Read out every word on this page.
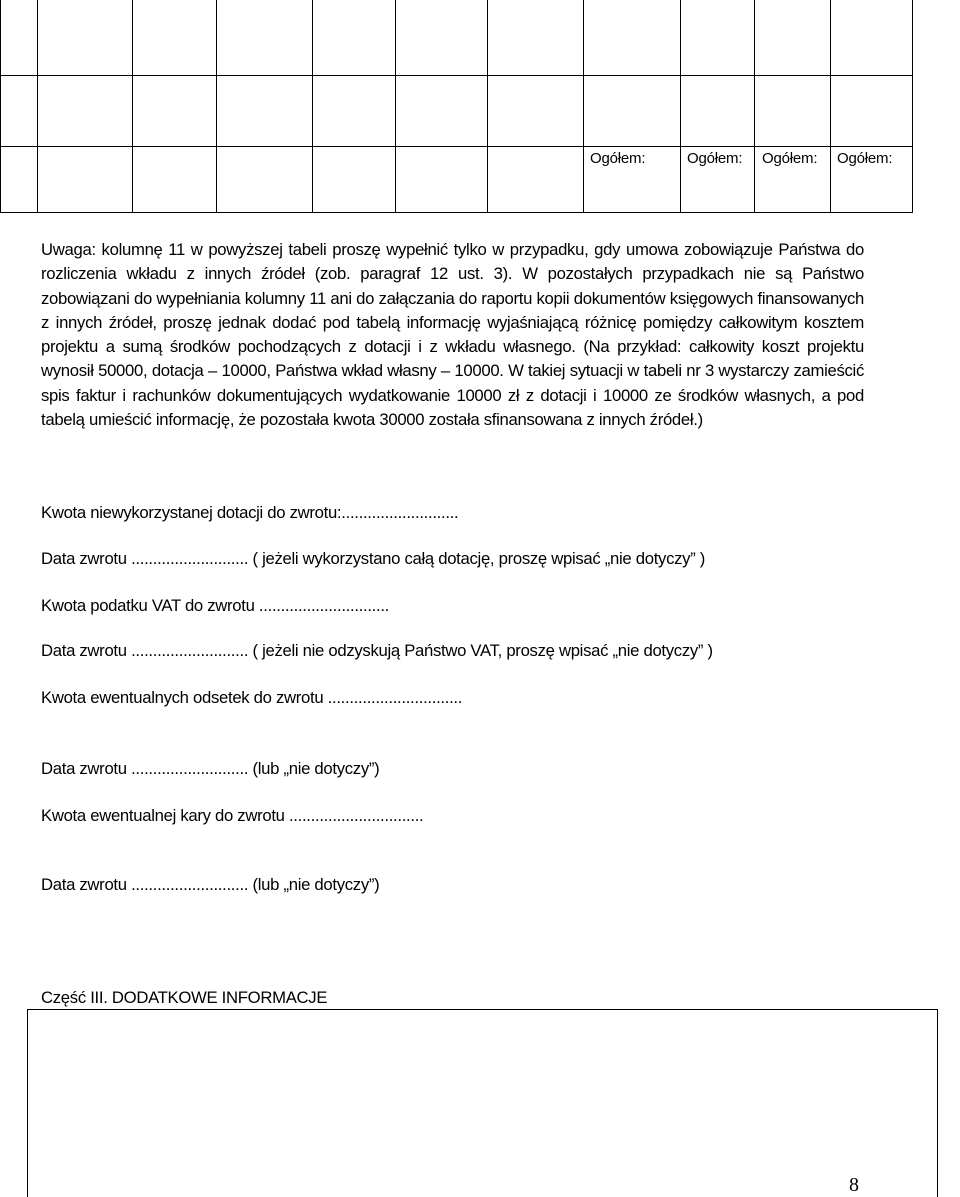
Ogółem:	Ogółem: Ogółem: Ogółem:

Uwaga: kolumnę 11 w powyższej tabeli proszę wypełnić tylko w przypadku, gdy umowa zobowiązuje Państwa do rozliczenia wkładu z innych źródeł (zob. paragraf 12 ust. 3). W pozostałych przypadkach nie są Państwo zobowiązani do wypełniania kolumny 11 ani do załączania do raportu kopii dokumentów księgowych finansowanych z innych źródeł, proszę jednak dodać pod tabelą informację wyjaśniającą różnicę pomiędzy całkowitym kosztem projektu a sumą środków pochodzących z dotacji i z wkładu własnego. (Na przykład: całkowity koszt projektu wynosił 50000, dotacja – 10000, Państwa wkład własny – 10000. W takiej sytuacji w tabeli nr 3 wystarczy zamieścić spis faktur i rachunków dokumentujących wydatkowanie 10000 zł z dotacji i 10000 ze środków własnych, a pod tabelą umieścić informację, że pozostała kwota 30000 została sfinansowana z innych źródeł.)

Kwota niewykorzystanej dotacji do zwrotu:...........................
Data zwrotu ........................... ( jeżeli wykorzystano całą dotację, proszę wpisać „nie dotyczy” )
Kwota podatku VAT do zwrotu ..............................
Data zwrotu ........................... ( jeżeli nie odzyskują Państwo VAT, proszę wpisać „nie dotyczy” )
Kwota ewentualnych odsetek do zwrotu ...............................
Data zwrotu ........................... (lub „nie dotyczy”)
Kwota ewentualnej kary do zwrotu ...............................
Data zwrotu ........................... (lub „nie dotyczy”)
Część III. DODATKOWE INFORMACJE
8
